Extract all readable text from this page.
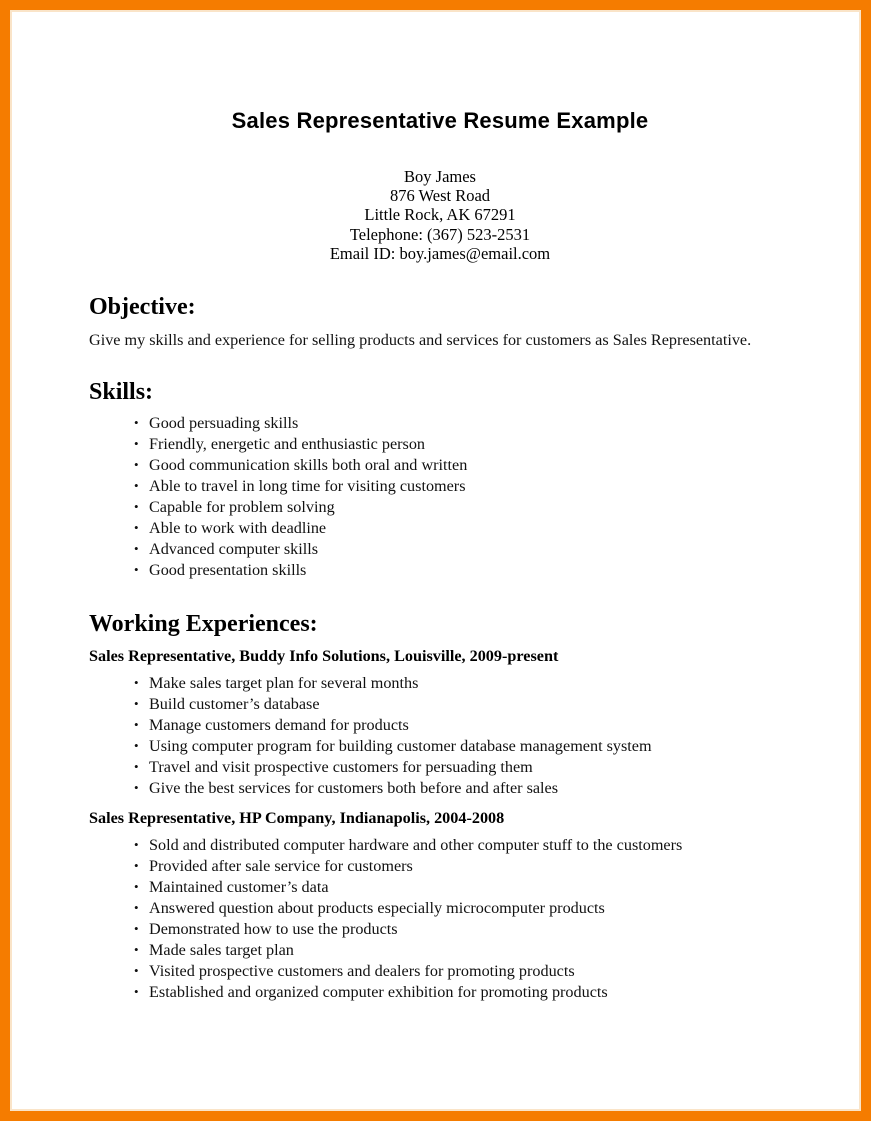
Sales Representative Resume Example
Boy James
876 West Road
Little Rock, AK 67291
Telephone: (367) 523-2531
Email ID: boy.james@email.com
Objective:

Give my skills and experience for selling products and services for customers as Sales Representative.

Skills:
• Good persuading skills
• Friendly, energetic and enthusiastic person
• Good communication skills both oral and written
• Able to travel in long time for visiting customers
• Capable for problem solving
• Able to work with deadline
• Advanced computer skills
• Good presentation skills
Working Experiences:
Sales Representative, Buddy Info Solutions, Louisville, 2009-present
• Make sales target plan for several months
• Build customer’s database
• Manage customers demand for products
• Using computer program for building customer database management system
• Travel and visit prospective customers for persuading them
• Give the best services for customers both before and after sales
Sales Representative, HP Company, Indianapolis, 2004-2008
• Sold and distributed computer hardware and other computer stuff to the customers
• Provided after sale service for customers
• Maintained customer’s data
• Answered question about products especially microcomputer products
• Demonstrated how to use the products
• Made sales target plan
• Visited prospective customers and dealers for promoting products
• Established and organized computer exhibition for promoting products
